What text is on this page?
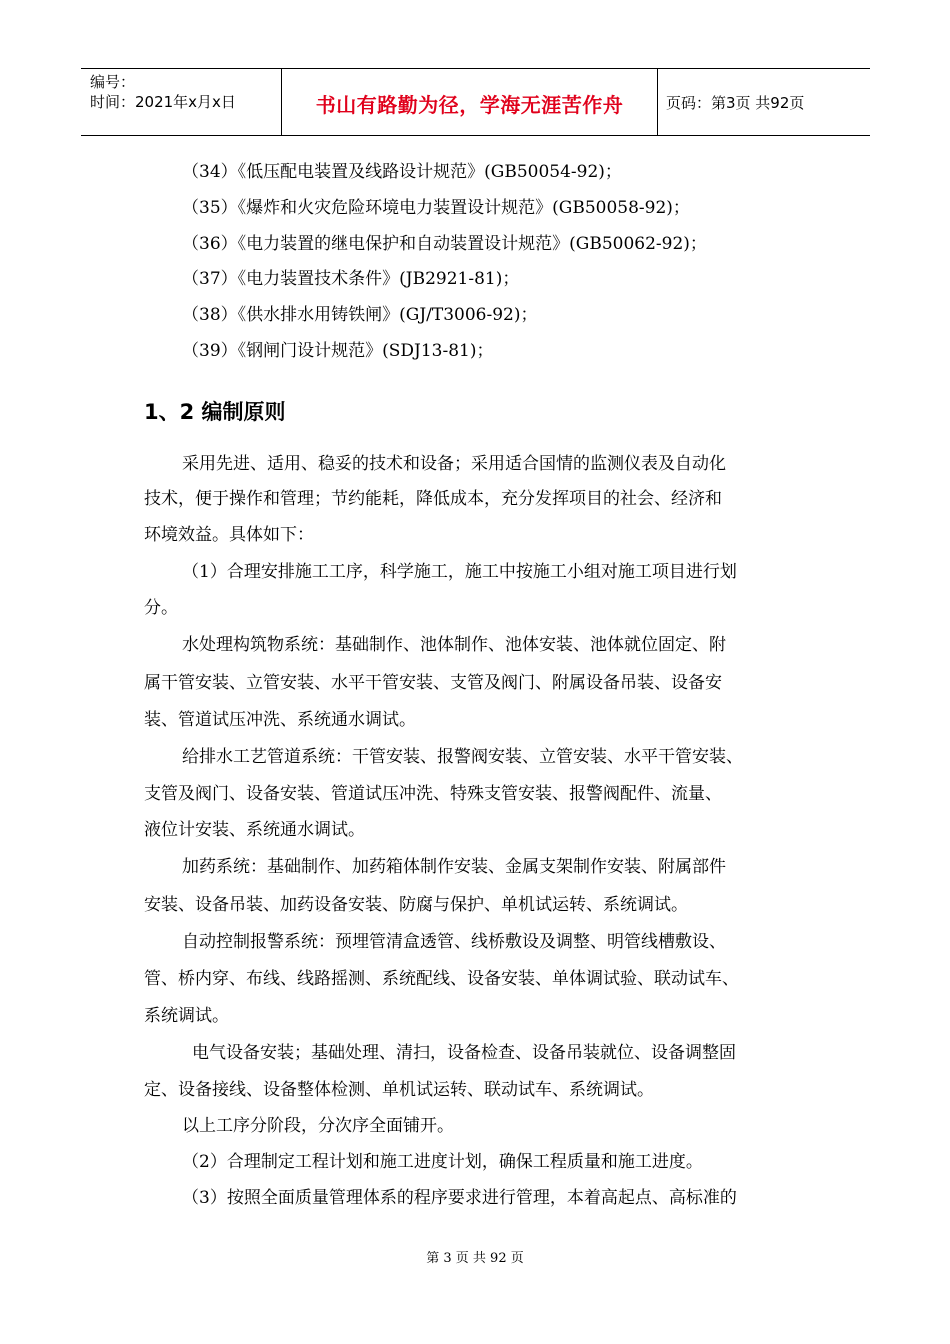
编号：
时间：2021年x月x日	书山有路勤为径，学海无涯苦作舟	页码：第3页 共92页
（34）《低压配电装置及线路设计规范》(GB50054-92)；
（35）《爆炸和火灾危险环境电力装置设计规范》(GB50058-92)；
（36）《电力装置的继电保护和自动装置设计规范》(GB50062-92)；
（37）《电力装置技术条件》(JB2921-81)；
（38）《供水排水用铸铁闸》(GJ/T3006-92)；
（39）《钢闸门设计规范》(SDJ13-81)；
1、2 编制原则
采用先进、适用、稳妥的技术和设备；采用适合国情的监测仪表及自动化
技术，便于操作和管理；节约能耗，降低成本，充分发挥项目的社会、经济和
环境效益。具体如下：
（1）合理安排施工工序，科学施工，施工中按施工小组对施工项目进行划
分。
水处理构筑物系统：基础制作、池体制作、池体安装、池体就位固定、附
属干管安装、立管安装、水平干管安装、支管及阀门、附属设备吊装、设备安
装、管道试压冲洗、系统通水调试。
给排水工艺管道系统：干管安装、报警阀安装、立管安装、水平干管安装、
支管及阀门、设备安装、管道试压冲洗、特殊支管安装、报警阀配件、流量、
液位计安装、系统通水调试。
加药系统：基础制作、加药箱体制作安装、金属支架制作安装、附属部件
安装、设备吊装、加药设备安装、防腐与保护、单机试运转、系统调试。
自动控制报警系统：预埋管清盒透管、线桥敷设及调整、明管线槽敷设、
管、桥内穿、布线、线路摇测、系统配线、设备安装、单体调试验、联动试车、
系统调试。
电气设备安装；基础处理、清扫，设备检查、设备吊装就位、设备调整固
定、设备接线、设备整体检测、单机试运转、联动试车、系统调试。
以上工序分阶段，分次序全面铺开。
（2）合理制定工程计划和施工进度计划，确保工程质量和施工进度。
（3）按照全面质量管理体系的程序要求进行管理，本着高起点、高标准的
第 3 页 共 92 页
